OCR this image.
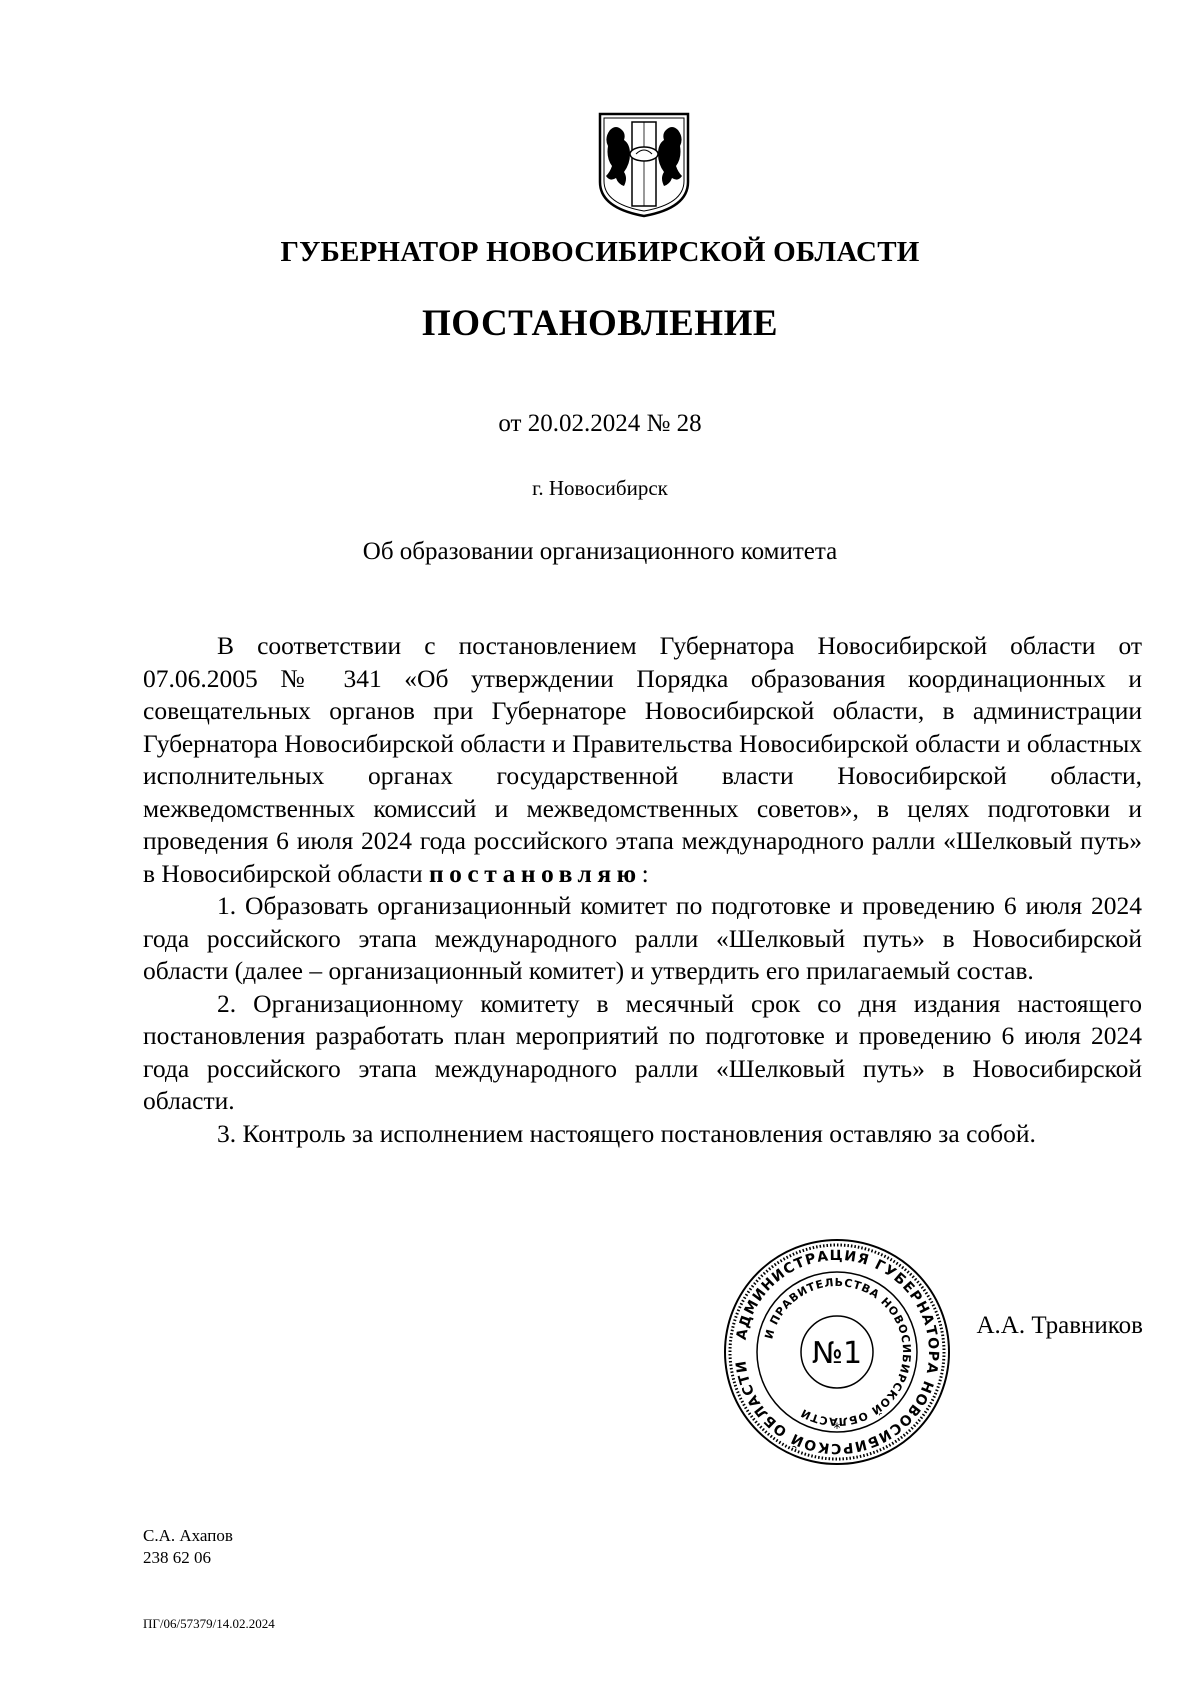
ГУБЕРНАТОР НОВОСИБИРСКОЙ ОБЛАСТИ
ПОСТАНОВЛЕНИЕ
от 20.02.2024 № 28
г. Новосибирск
Об образовании организационного комитета

В соответствии с постановлением Губернатора Новосибирской области от 07.06.2005 № 341 «Об утверждении Порядка образования координационных и совещательных органов при Губернаторе Новосибирской области, в администрации Губернатора Новосибирской области и Правительства Новосибирской области и областных исполнительных органах государственной власти Новосибирской области, межведомственных комиссий и межведомственных советов», в целях подготовки и проведения 6 июля 2024 года российского этапа международного ралли «Шелковый путь» в Новосибирской области постановляю:

1. Образовать организационный комитет по подготовке и проведению 6 июля 2024 года российского этапа международного ралли «Шелковый путь» в Новосибирской области (далее – организационный комитет) и утвердить его прилагаемый состав.

2. Организационному комитету в месячный срок со дня издания настоящего постановления разработать план мероприятий по подготовке и проведению 6 июля 2024 года российского этапа международного ралли «Шелковый путь» в Новосибирской области.

3. Контроль за исполнением настоящего постановления оставляю за собой.

АДМИНИСТРАЦИЯ ГУБЕРНАТОРА НОВОСИБИРСКОЙ ОБЛАСТИ
И ПРАВИТЕЛЬСТВА НОВОСИБИРСКОЙ ОБЛАСТИ
№1
*
А.А. Травников
С.А. Ахапов
238 62 06
ПГ/06/57379/14.02.2024
